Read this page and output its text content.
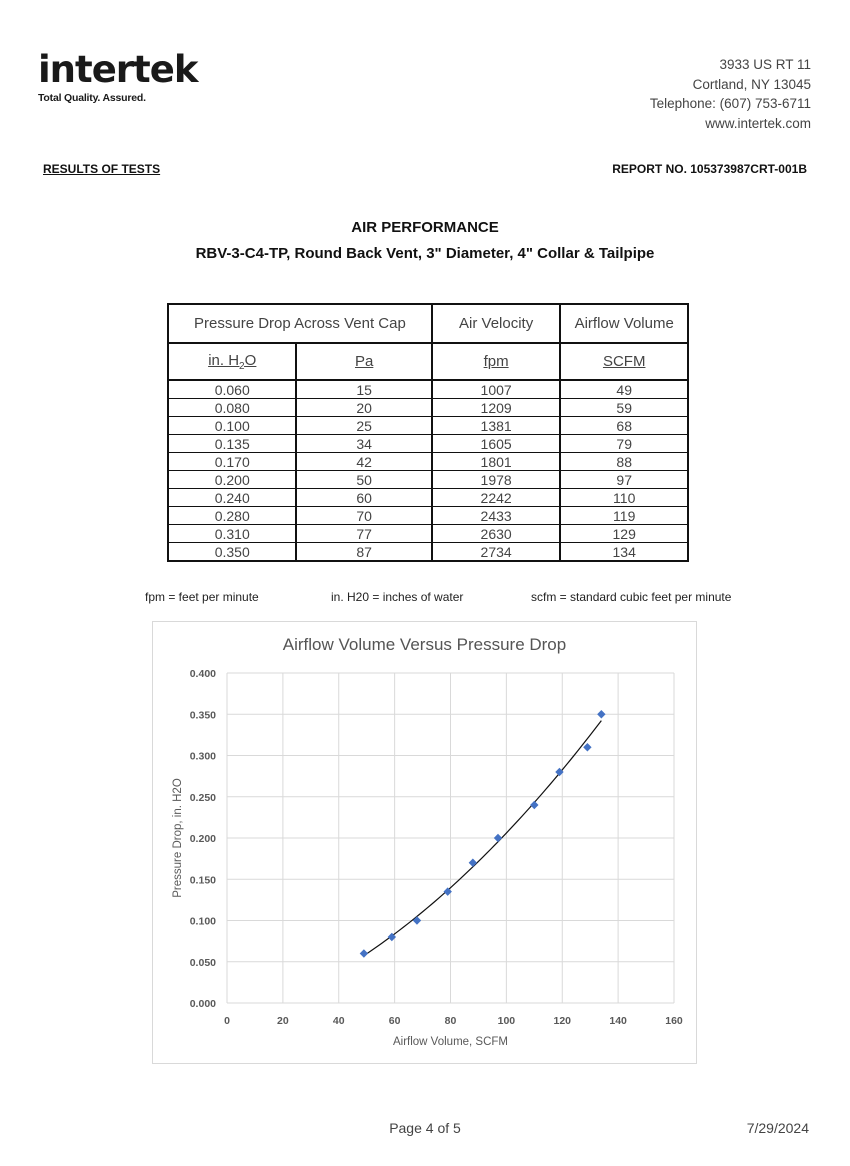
intertek
Total Quality. Assured.
3933 US RT 11
Cortland, NY 13045
Telephone: (607) 753-6711
www.intertek.com
RESULTS OF TESTS	REPORT NO. 105373987CRT-001B
AIR PERFORMANCE
RBV-3-C4-TP, Round Back Vent, 3" Diameter, 4" Collar & Tailpipe
Pressure Drop Across Vent Cap		Air Velocity	Airflow Volume
in. $H_2O$	Pa	fpm	SCFM
0.060	15	1007	49
0.080	20	1209	59
0.100	25	1381	68
0.135	34	1605	79
0.170	42	1801	88
0.200	50	1978	97
0.240	60	2242	110
0.280	70	2433	119
0.310	77	2630	129
0.350	87	2734	134
fpm = feet per minute	in. H20 = inches of water	scfm = standard cubic feet per minute
Airflow Volume Versus Pressure Drop
0	20	40	60	80	100	120	140	160
0.000
0.050
0.100
0.150
0.200
0.250
0.300
0.350
0.400
Airflow Volume, SCFM
Pressure Drop, in. H2O
Page 4 of 5	7/29/2024
